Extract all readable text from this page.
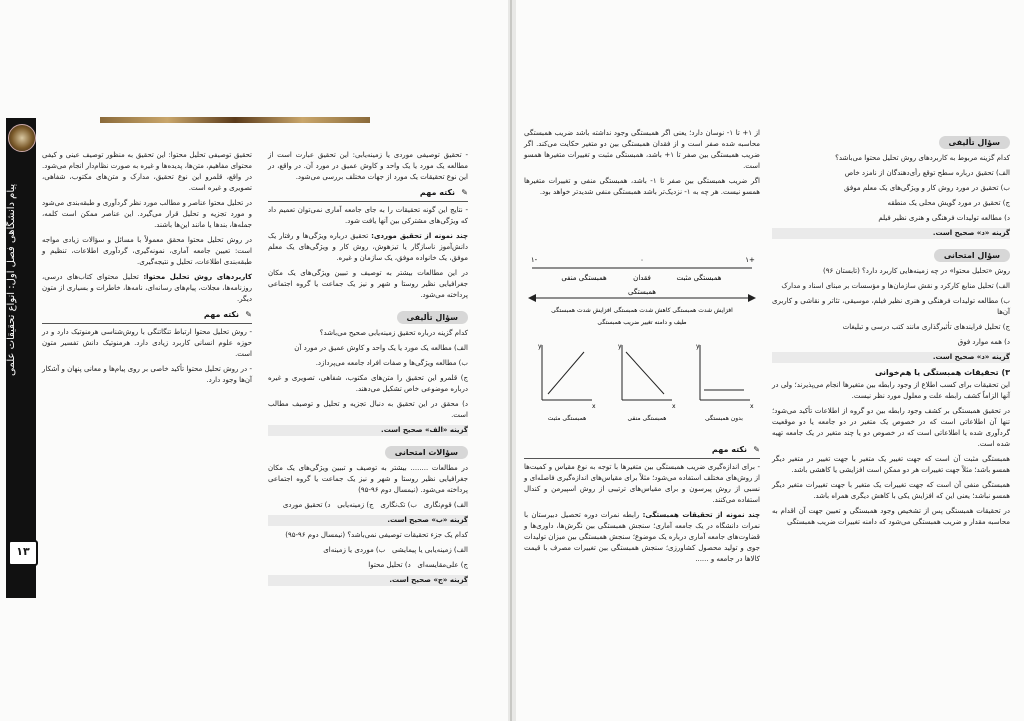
پیام دانشگاهی فصل اول: انواع تحقیقات علمی
۱۳

تحقیق توصیفی تحلیل محتوا: این تحقیق به منظور توصیف عینی و کیفی محتوای مفاهیم، متن‌ها، پدیده‌ها و غیره به صورت نظام‌دار انجام می‌شود. در واقع، قلمرو این نوع تحقیق، مدارک و متن‌های مکتوب، شفاهی، تصویری و غیره است.

در تحلیل محتوا عناصر و مطالب مورد نظر گردآوری و طبقه‌بندی می‌شود و مورد تجزیه و تحلیل قرار می‌گیرد. این عناصر ممکن است کلمه، جمله‌ها، بندها یا مانند این‌ها باشند.

در روش تحلیل محتوا محقق معمولاً با مسائل و سؤالات زیادی مواجه است: تعیین جامعه آماری، نمونه‌گیری، گردآوری اطلاعات، تنظیم و طبقه‌بندی اطلاعات، تحلیل و نتیجه‌گیری.

کاربردهای روش تحلیل محتوا: تحلیل محتوای کتاب‌های درسی، روزنامه‌ها، مجلات، پیام‌های رسانه‌ای، نامه‌ها، خاطرات و بسیاری از متون دیگر.

✎نکته مهم

- روش تحلیل محتوا ارتباط تنگاتنگی با روش‌شناسی هرمنوتیک دارد و در حوزه علوم انسانی کاربرد زیادی دارد. هرمنوتیک دانش تفسیر متون است.

- در روش تحلیل محتوا تأکید خاصی بر روی پیام‌ها و معانی پنهان و آشکار آن‌ها وجود دارد.

- تحقیق توصیفی موردی یا زمینه‌یابی: این تحقیق عبارت است از مطالعه یک مورد یا یک واحد و کاوش عمیق در مورد آن. در واقع، در این نوع تحقیقات یک مورد از جهات مختلف بررسی می‌شود.

✎نکته مهم

- نتایج این گونه تحقیقات را به جای جامعه آماری نمی‌توان تعمیم داد که ویژگی‌های مشترکی بین آنها یافت شود.

چند نمونه از تحقیق موردی: تحقیق درباره ویژگی‌ها و رفتار یک دانش‌آموز ناسازگار یا تیزهوش، روش کار و ویژگی‌های یک معلم موفق، یک خانواده موفق، یک سازمان و غیره.

در این مطالعات بیشتر به توصیف و تبیین ویژگی‌های یک مکان جغرافیایی نظیر روستا و شهر و نیز یک جماعت یا گروه اجتماعی پرداخته می‌شود.

سؤال تألیفی

کدام گزینه درباره تحقیق زمینه‌یابی صحیح می‌باشد؟

الف) مطالعه یک مورد یا یک واحد و کاوش عمیق در مورد آن

ب) مطالعه ویژگی‌ها و صفات افراد جامعه می‌پردازد.

ج) قلمرو این تحقیق را متن‌های مکتوب، شفاهی، تصویری و غیره درباره موضوعی خاص تشکیل می‌دهند.

د) محقق در این تحقیق به دنبال تجزیه و تحلیل و توصیف مطالب است.

گزینه «الف» صحیح است.

سؤالات امتحانی

در مطالعات ........ بیشتر به توصیف و تبیین ویژگی‌های یک مکان جغرافیایی نظیر روستا و شهر و نیز یک جماعت یا گروه اجتماعی پرداخته می‌شود. (نیمسال دوم ۹۶-۹۵)

الف) قوم‌نگاری   ب) تک‌نگاری   ج) زمینه‌یابی   د) تحقیق موردی

گزینه «ب» صحیح است.

کدام یک جزء تحقیقات توصیفی نمی‌باشد؟ (نیمسال دوم ۹۶-۹۵)

الف) زمینه‌یابی یا پیمایشی   ب) موردی یا زمینه‌ای

ج) علی‌مقایسه‌ای   د) تحلیل محتوا

گزینه «ج» صحیح است.

سؤال تألیفی

کدام گزینه مربوط به کاربردهای روش تحلیل محتوا می‌باشد؟

الف) تحقیق درباره سطح توقع رأی‌دهندگان از نامزد خاص

ب) تحقیق در مورد روش کار و ویژگی‌های یک معلم موفق

ج) تحقیق در مورد گویش محلی یک منطقه

د) مطالعه تولیدات فرهنگی و هنری نظیر فیلم

گزینه «د» صحیح است.

سؤال امتحانی

روش «تحلیل محتوا» در چه زمینه‌هایی کاربرد دارد؟ (تابستان ۹۶)

الف) تحلیل منابع کارکرد و نقش سازمان‌ها و مؤسسات بر مبنای اسناد و مدارک

ب) مطالعه تولیدات فرهنگی و هنری نظیر فیلم، موسیقی، تئاتر و نقاشی و کاربری آن‌ها

ج) تحلیل فرایندهای تأثیرگذاری مانند کتب درسی و تبلیغات

د) همه موارد فوق

گزینه «د» صحیح است.

۳) تحقیقات همبستگی یا هم‌خوانی

این تحقیقات برای کسب اطلاع از وجود رابطه بین متغیرها انجام می‌پذیرند؛ ولی در آنها الزاماً کشف رابطه علت و معلول مورد نظر نیست.

در تحقیق همبستگی بر کشف وجود رابطه بین دو گروه از اطلاعات تأکید می‌شود؛ تنها آن اطلاعاتی است که در خصوص یک متغیر در دو جامعه یا دو موقعیت گردآوری شده یا اطلاعاتی است که در خصوص دو یا چند متغیر در یک جامعه تهیه شده است.

همبستگی مثبت آن است که جهت تغییر یک متغیر با جهت تغییر در متغیر دیگر همسو باشد؛ مثلاً جهت تغییرات هر دو ممکن است افزایشی یا کاهشی باشد.

همبستگی منفی آن است که جهت تغییرات یک متغیر با جهت تغییرات متغیر دیگر همسو نباشد؛ یعنی این که افزایش یکی با کاهش دیگری همراه باشد.

در تحقیقات همبستگی پس از تشخیص وجود همبستگی و تعیین جهت آن اقدام به محاسبه مقدار و ضریب همبستگی می‌شود که دامنه تغییرات ضریب همبستگی

از ۱+ تا ۱- نوسان دارد؛ یعنی اگر همبستگی وجود نداشته باشد ضریب همبستگی محاسبه شده صفر است و از فقدان همبستگی بین دو متغیر حکایت می‌کند. اگر ضریب همبستگی بین صفر تا ۱+ باشد، همبستگی مثبت و تغییرات متغیرها همسو است.

اگر ضریب همبستگی بین صفر تا ۱- باشد، همبستگی منفی و تغییرات متغیرها همسو نیست. هر چه به ۱- نزدیک‌تر باشد همبستگی منفی شدیدتر خواهد بود.

۱-	۰	۱+
همبستگی مثبت
فقدان
همبستگی منفی
همبستگی
افزایش شدت همبستگی کاهش شدت همبستگی افزایش شدت همبستگی
طیف و دامنه تغییر ضریب همبستگی
y
x
همبستگی مثبت
y
x
همبستگی منفی
y
x
بدون همبستگی
✎نکته مهم

- برای اندازه‌گیری ضریب همبستگی بین متغیرها با توجه به نوع مقیاس و کمیت‌ها از روش‌های مختلف استفاده می‌شود؛ مثلاً برای مقیاس‌های اندازه‌گیری فاصله‌ای و نسبی از روش پیرسون و برای مقیاس‌های ترتیبی از روش اسپیرمن و کندال استفاده می‌کنند.

چند نمونه از تحقیقات همبستگی: رابطه نمرات دوره تحصیل دبیرستان با نمرات دانشگاه در یک جامعه آماری؛ سنجش همبستگی بین نگرش‌ها، داوری‌ها و قضاوت‌های جامعه آماری درباره یک موضوع؛ سنجش همبستگی بین میزان تولیدات جوی و تولید محصول کشاورزی؛ سنجش همبستگی بین تغییرات مصرف با قیمت کالاها در جامعه و ......
